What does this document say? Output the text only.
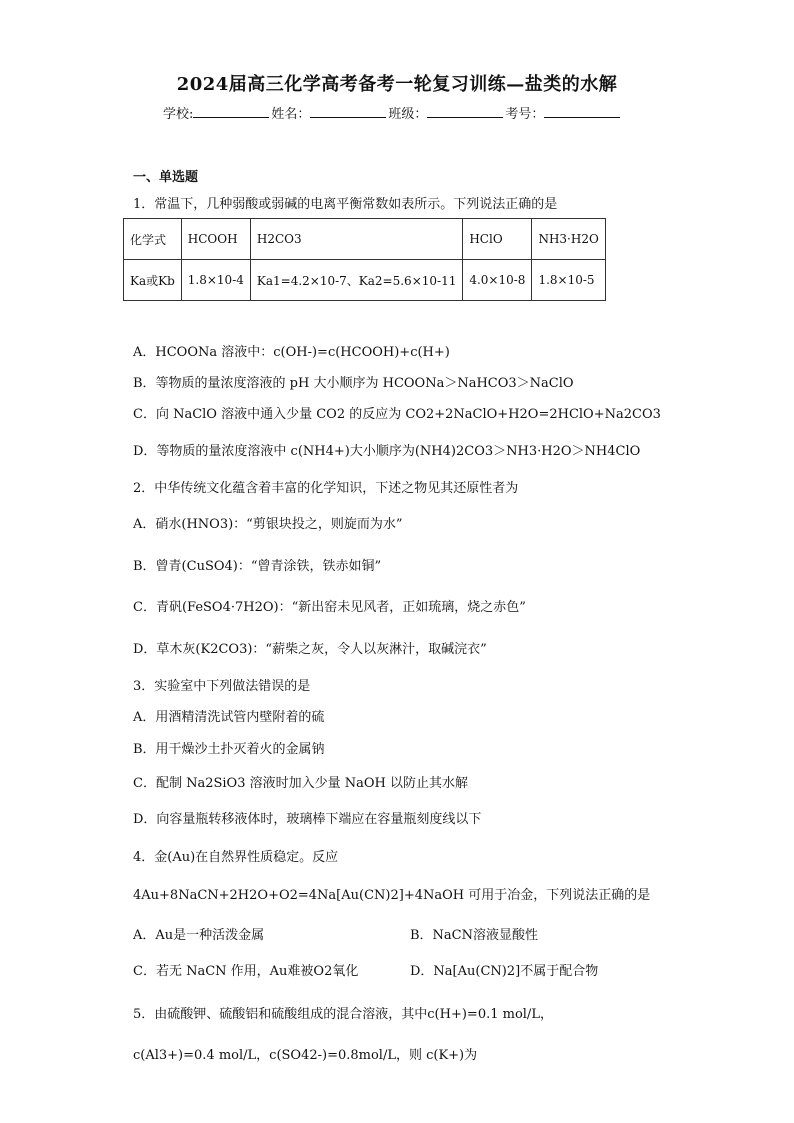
2024届高三化学高考备考一轮复习训练—盐类的水解
学校:	姓名：	班级：	考号：
一、单选题
1．常温下，几种弱酸或弱碱的电离平衡常数如表所示。下列说法正确的是
化学式	HCOOH	H2CO3	HClO	NH3·H2O
Ka或Kb	1.8×10-4	Ka1=4.2×10-7、Ka2=5.6×10-11	4.0×10-8	1.8×10-5
A．HCOONa 溶液中：c(OH-)=c(HCOOH)+c(H+)
B．等物质的量浓度溶液的 pH 大小顺序为 HCOONa＞NaHCO3＞NaClO
C．向 NaClO 溶液中通入少量 CO2 的反应为 CO2+2NaClO+H2O=2HClO+Na2CO3
D．等物质的量浓度溶液中 c(NH4+)大小顺序为(NH4)2CO3＞NH3·H2O＞NH4ClO
2．中华传统文化蕴含着丰富的化学知识，下述之物见其还原性者为
A．硝水(HNO3)：“剪银块投之，则旋而为水”
B．曾青(CuSO4)：“曾青涂铁，铁赤如铜”
C．青矾(FeSO4·7H2O)：“新出窑未见风者，正如琉璃，烧之赤色”
D．草木灰(K2CO3)：“薪柴之灰，令人以灰淋汁，取碱浣衣”
3．实验室中下列做法错误的是
A．用酒精清洗试管内壁附着的硫
B．用干燥沙土扑灭着火的金属钠
C．配制 Na2SiO3 溶液时加入少量 NaOH 以防止其水解
D．向容量瓶转移液体时，玻璃棒下端应在容量瓶刻度线以下
4．金(Au)在自然界性质稳定。反应
4Au+8NaCN+2H2O+O2=4Na[Au(CN)2]+4NaOH 可用于冶金，下列说法正确的是
A．Au是一种活泼金属	B．NaCN溶液显酸性
C．若无 NaCN 作用，Au难被O2氧化	D．Na[Au(CN)2]不属于配合物
5．由硫酸钾、硫酸铝和硫酸组成的混合溶液，其中c(H+)=0.1 mol/L，
c(Al3+)=0.4 mol/L，c(SO42-)=0.8mol/L，则 c(K+)为
